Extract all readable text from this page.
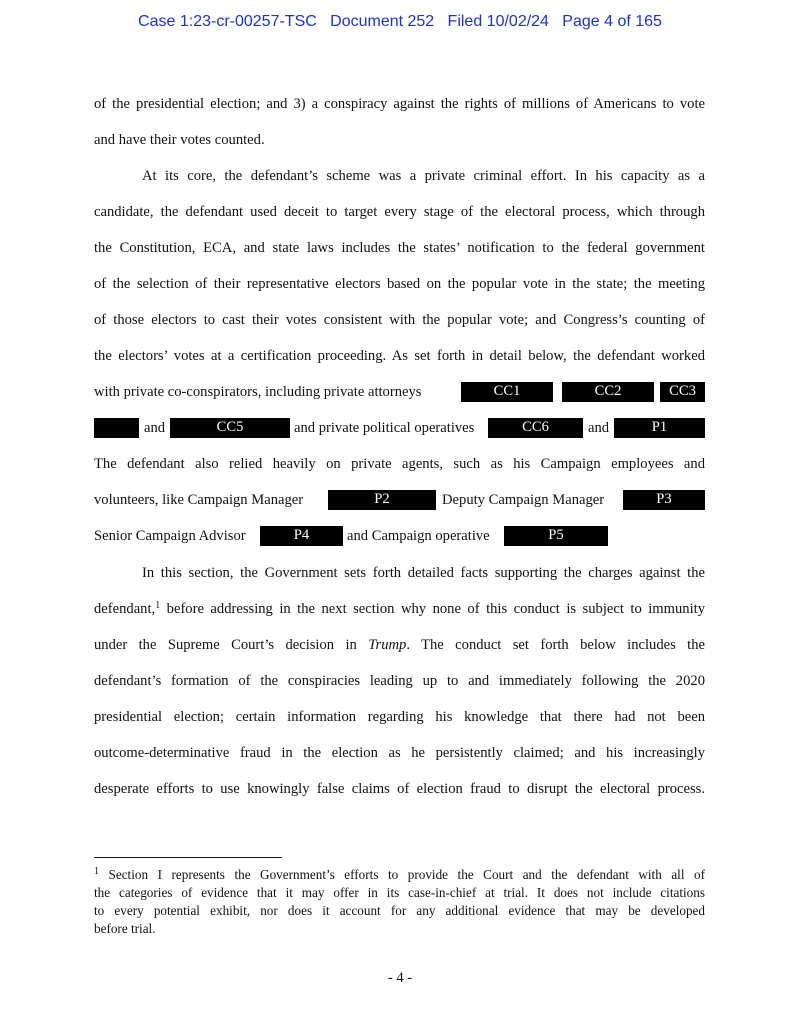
Case 1:23-cr-00257-TSC Document 252 Filed 10/02/24 Page 4 of 165
of the presidential election; and 3) a conspiracy against the rights of millions of Americans to vote
and have their votes counted.
At its core, the defendant’s scheme was a private criminal effort. In his capacity as a
candidate, the defendant used deceit to target every stage of the electoral process, which through
the Constitution, ECA, and state laws includes the states’ notification to the federal government
of the selection of their representative electors based on the popular vote in the state; the meeting
of those electors to cast their votes consistent with the popular vote; and Congress’s counting of
the electors’ votes at a certification proceeding. As set forth in detail below, the defendant worked
with private co-conspirators, including private attorneys	CC1	CC2	CC3
and	CC5	and private political operatives	CC6	and	P1
The defendant also relied heavily on private agents, such as his Campaign employees and
volunteers, like Campaign Manager	P2	Deputy Campaign Manager	P3
Senior Campaign Advisor	P4	and Campaign operative	P5
In this section, the Government sets forth detailed facts supporting the charges against the
defendant,$^1$ before addressing in the next section why none of this conduct is subject to immunity
under the Supreme Court’s decision in Trump. The conduct set forth below includes the
defendant’s formation of the conspiracies leading up to and immediately following the 2020
presidential election; certain information regarding his knowledge that there had not been
outcome-determinative fraud in the election as he persistently claimed; and his increasingly
desperate efforts to use knowingly false claims of election fraud to disrupt the electoral process.
$^1$ Section I represents the Government’s efforts to provide the Court and the defendant with all of
the categories of evidence that it may offer in its case-in-chief at trial. It does not include citations
to every potential exhibit, nor does it account for any additional evidence that may be developed
before trial.
- 4 -
